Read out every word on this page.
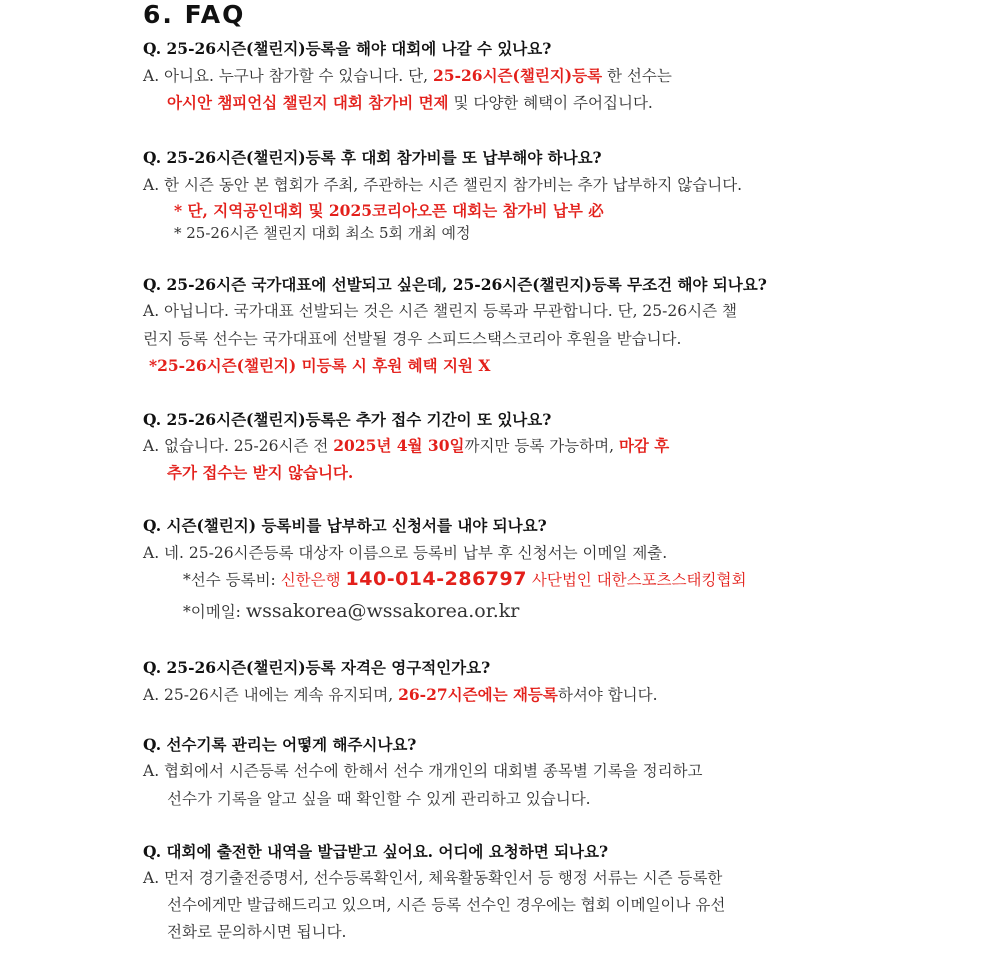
6. FAQ
Q. 25-26시즌(챌린지)등록을 해야 대회에 나갈 수 있나요?
A. 아니요. 누구나 참가할 수 있습니다. 단, 25-26시즌(챌린지)등록 한 선수는
아시안 챔피언십 챌린지 대회 참가비 면제 및 다양한 혜택이 주어집니다.
Q. 25-26시즌(챌린지)등록 후 대회 참가비를 또 납부해야 하나요?
A. 한 시즌 동안 본 협회가 주최, 주관하는 시즌 챌린지 참가비는 추가 납부하지 않습니다.
* 단, 지역공인대회 및 2025코리아오픈 대회는 참가비 납부 必
* 25-26시즌 챌린지 대회 최소 5회 개최 예정
Q. 25-26시즌 국가대표에 선발되고 싶은데, 25-26시즌(챌린지)등록 무조건 해야 되나요?
A. 아닙니다. 국가대표 선발되는 것은 시즌 챌린지 등록과 무관합니다. 단, 25-26시즌 챌
린지 등록 선수는 국가대표에 선발될 경우 스피드스택스코리아 후원을 받습니다.
*25-26시즌(챌린지) 미등록 시 후원 혜택 지원 X
Q. 25-26시즌(챌린지)등록은 추가 접수 기간이 또 있나요?
A. 없습니다. 25-26시즌 전 2025년 4월 30일까지만 등록 가능하며, 마감 후
추가 접수는 받지 않습니다.
Q. 시즌(챌린지) 등록비를 납부하고 신청서를 내야 되나요?
A. 네. 25-26시즌등록 대상자 이름으로 등록비 납부 후 신청서는 이메일 제출.
*선수 등록비: 신한은행 140-014-286797 사단법인 대한스포츠스태킹협회
*이메일: wssakorea@wssakorea.or.kr
Q. 25-26시즌(챌린지)등록 자격은 영구적인가요?
A. 25-26시즌 내에는 계속 유지되며, 26-27시즌에는 재등록하셔야 합니다.
Q. 선수기록 관리는 어떻게 해주시나요?
A. 협회에서 시즌등록 선수에 한해서 선수 개개인의 대회별 종목별 기록을 정리하고
선수가 기록을 알고 싶을 때 확인할 수 있게 관리하고 있습니다.
Q. 대회에 출전한 내역을 발급받고 싶어요. 어디에 요청하면 되나요?
A. 먼저 경기출전증명서, 선수등록확인서, 체육활동확인서 등 행정 서류는 시즌 등록한
선수에게만 발급해드리고 있으며, 시즌 등록 선수인 경우에는 협회 이메일이나 유선
전화로 문의하시면 됩니다.
